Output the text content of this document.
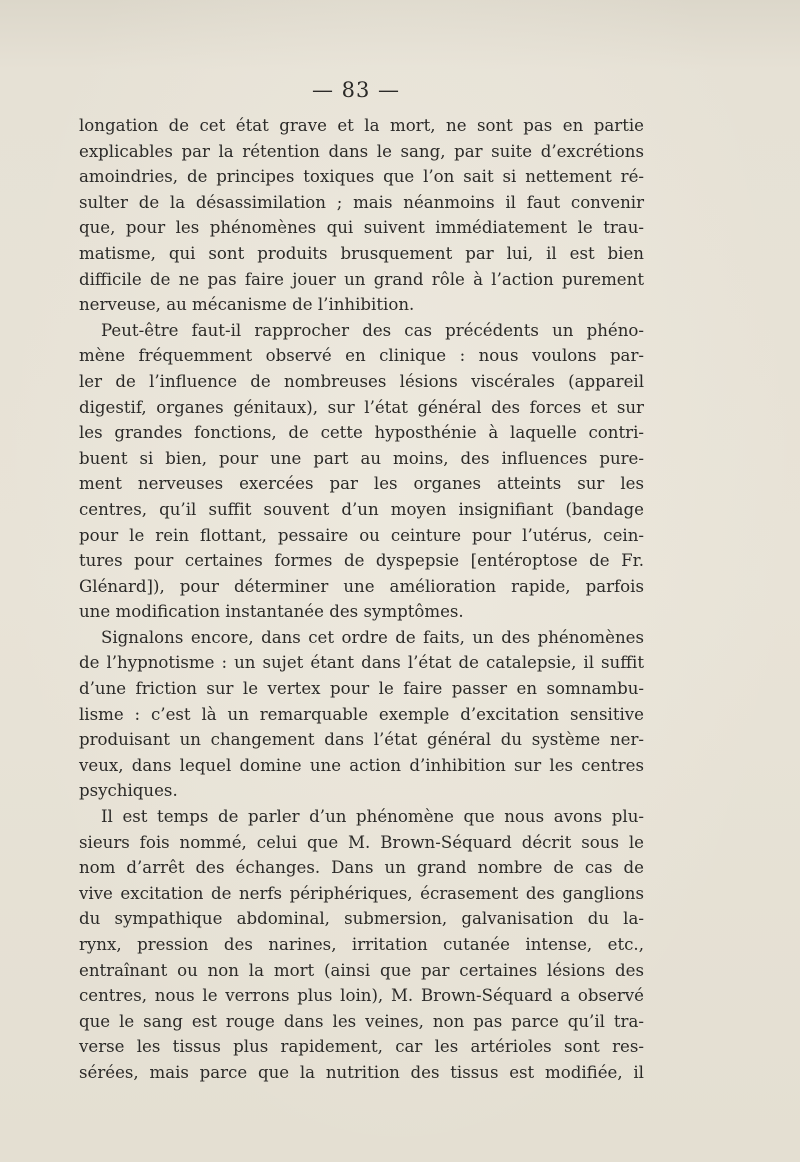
— 83 —
longation de cet état grave et la mort, ne sont pas en partie
explicables par la rétention dans le sang, par suite d’excrétions
amoindries, de principes toxiques que l’on sait si nettement ré-
sulter de la désassimilation ; mais néanmoins il faut convenir
que, pour les phénomènes qui suivent immédiatement le trau-
matisme, qui sont produits brusquement par lui, il est bien
difficile de ne pas faire jouer un grand rôle à l’action purement
nerveuse, au mécanisme de l’inhibition.
Peut-être faut-il rapprocher des cas précédents un phéno-
mène fréquemment observé en clinique : nous voulons par-
ler de l’influence de nombreuses lésions viscérales (appareil
digestif, organes génitaux), sur l’état général des forces et sur
les grandes fonctions, de cette hyposthénie à laquelle contri-
buent si bien, pour une part au moins, des influences pure-
ment nerveuses exercées par les organes atteints sur les
centres, qu’il suffit souvent d’un moyen insignifiant (bandage
pour le rein flottant, pessaire ou ceinture pour l’utérus, cein-
tures pour certaines formes de dyspepsie [entéroptose de Fr.
Glénard]), pour déterminer une amélioration rapide, parfois
une modification instantanée des symptômes.
Signalons encore, dans cet ordre de faits, un des phénomènes
de l’hypnotisme : un sujet étant dans l’état de catalepsie, il suffit
d’une friction sur le vertex pour le faire passer en somnambu-
lisme : c’est là un remarquable exemple d’excitation sensitive
produisant un changement dans l’état général du système ner-
veux, dans lequel domine une action d’inhibition sur les centres
psychiques.
Il est temps de parler d’un phénomène que nous avons plu-
sieurs fois nommé, celui que M. Brown-Séquard décrit sous le
nom d’arrêt des échanges. Dans un grand nombre de cas de
vive excitation de nerfs périphériques, écrasement des ganglions
du sympathique abdominal, submersion, galvanisation du la-
rynx, pression des narines, irritation cutanée intense, etc.,
entraînant ou non la mort (ainsi que par certaines lésions des
centres, nous le verrons plus loin), M. Brown-Séquard a observé
que le sang est rouge dans les veines, non pas parce qu’il tra-
verse les tissus plus rapidement, car les artérioles sont res-
sérées, mais parce que la nutrition des tissus est modifiée, il
